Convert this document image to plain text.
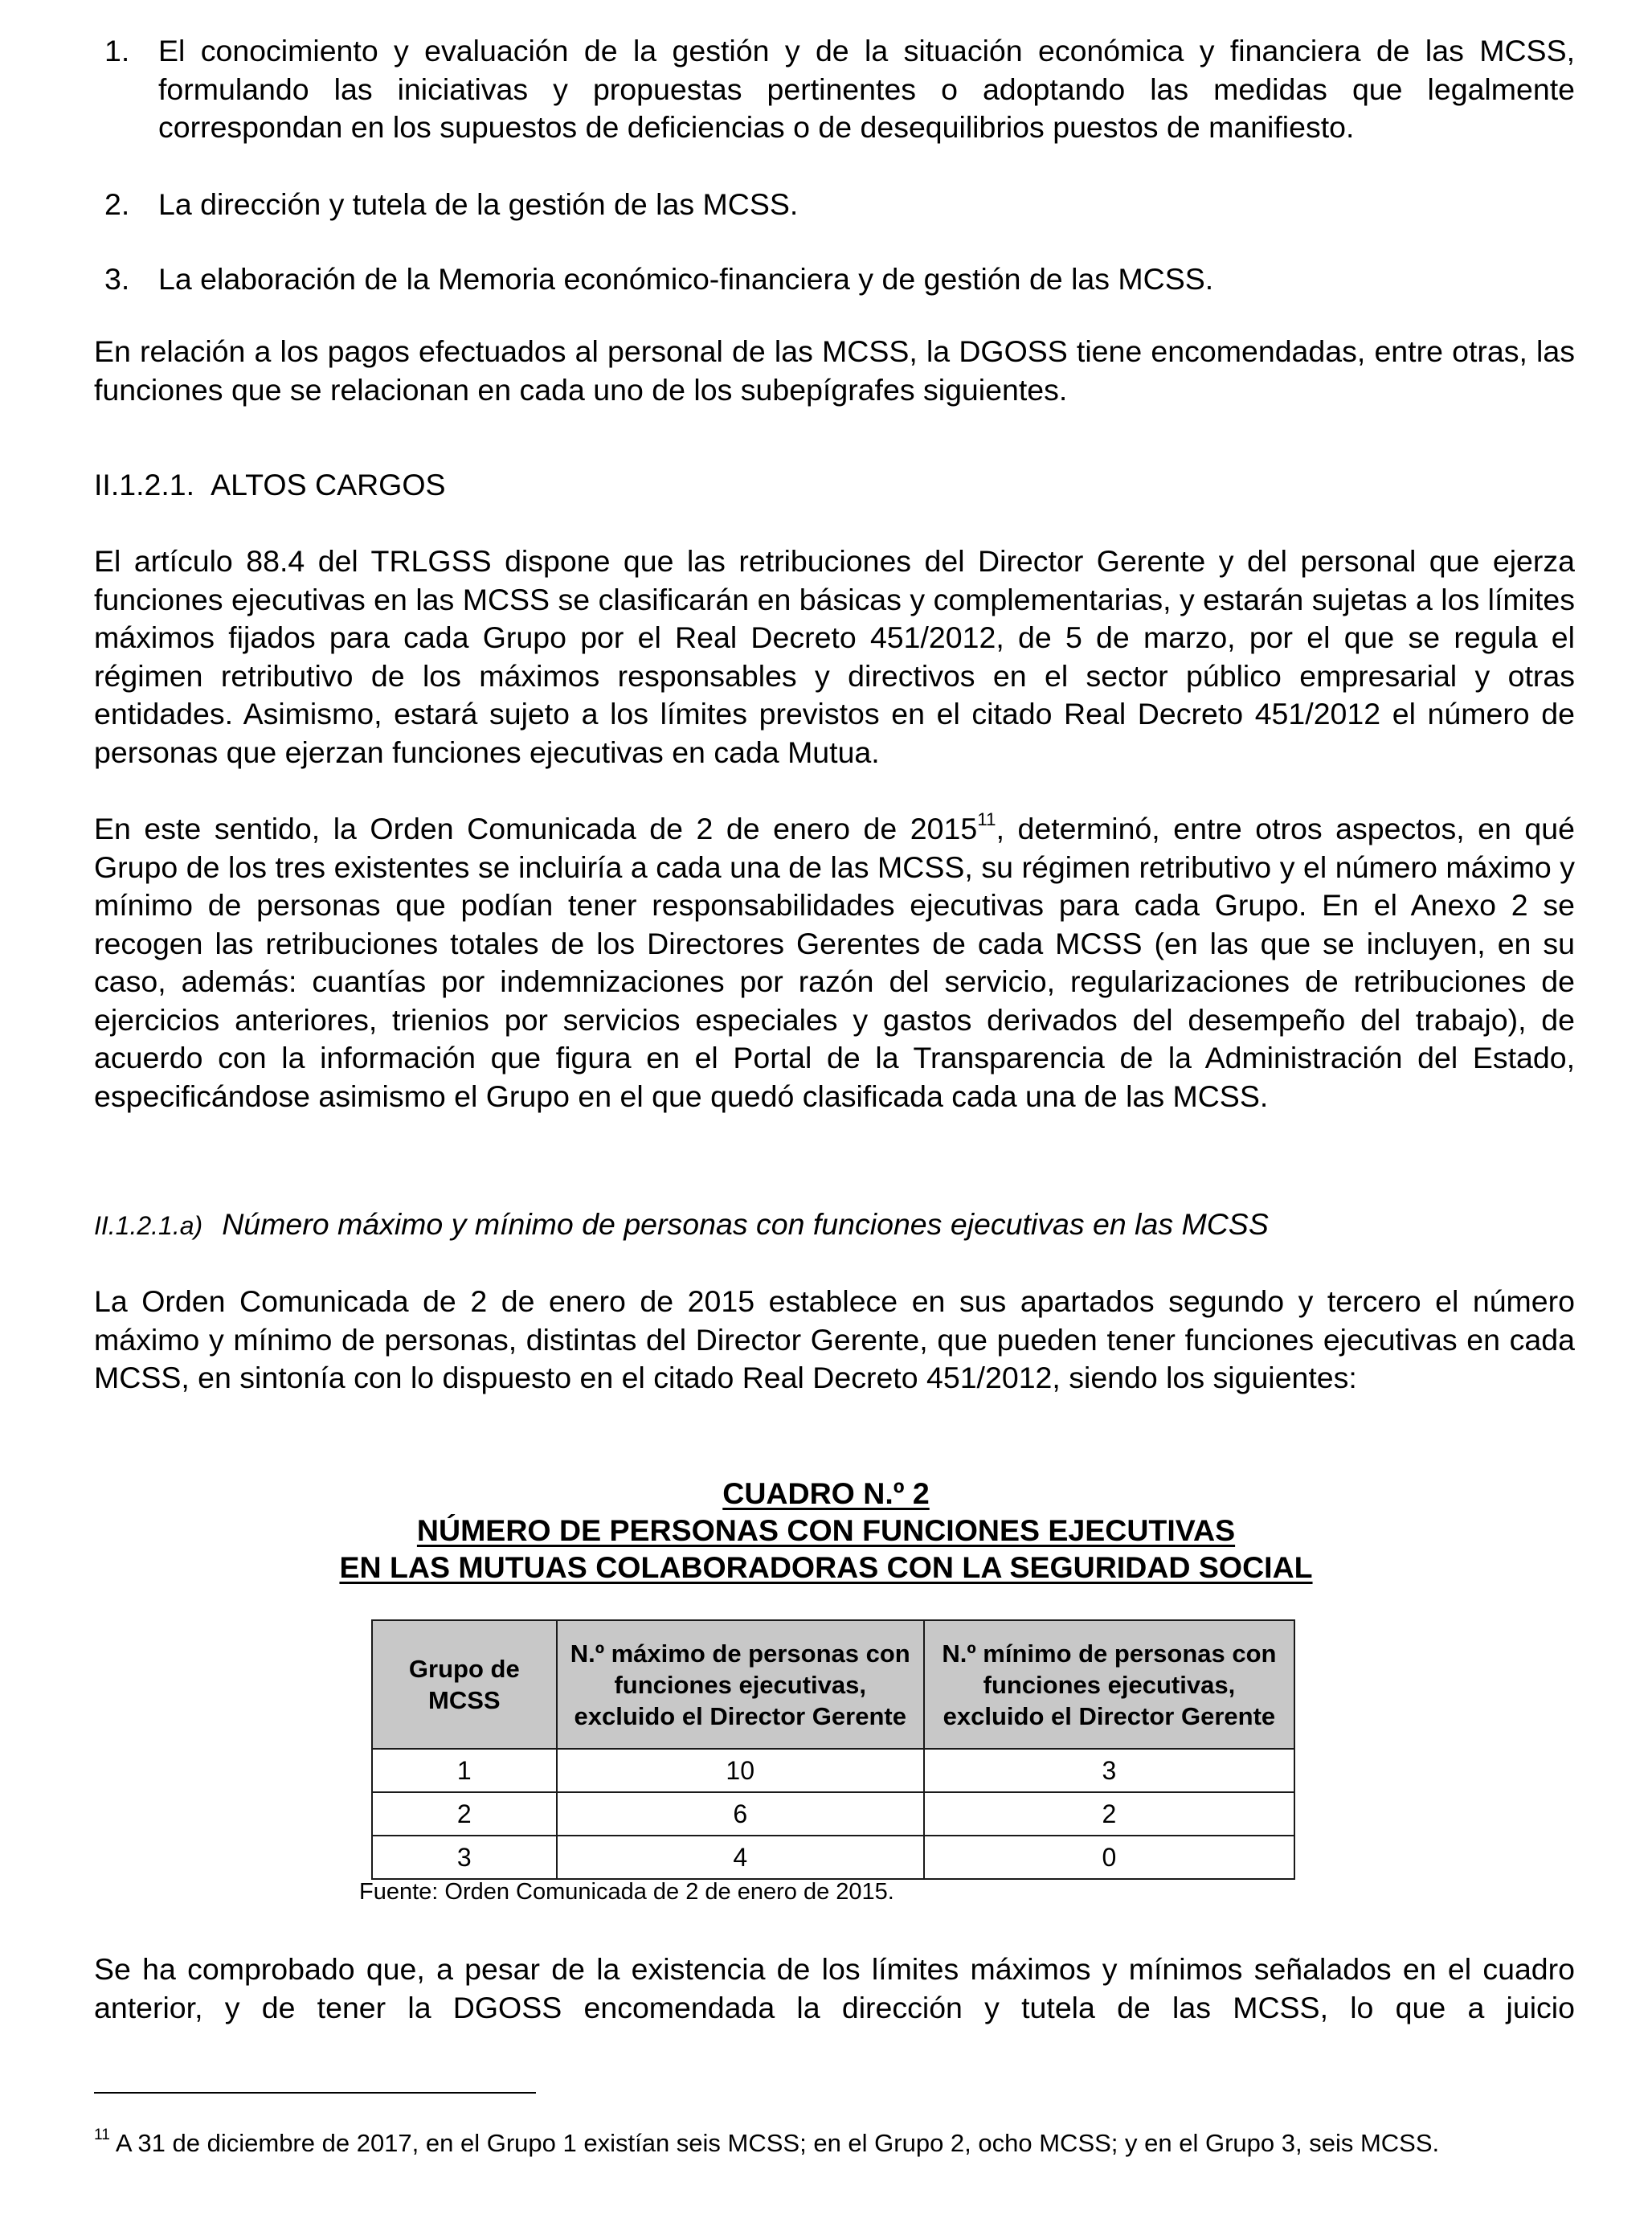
1. El conocimiento y evaluación de la gestión y de la situación económica y financiera de las MCSS, formulando las iniciativas y propuestas pertinentes o adoptando las medidas que legalmente correspondan en los supuestos de deficiencias o de desequilibrios puestos de manifiesto.
2. La dirección y tutela de la gestión de las MCSS.
3. La elaboración de la Memoria económico-financiera y de gestión de las MCSS.

En relación a los pagos efectuados al personal de las MCSS, la DGOSS tiene encomendadas, entre otras, las funciones que se relacionan en cada uno de los subepígrafes siguientes.

II.1.2.1. ALTOS CARGOS

El artículo 88.4 del TRLGSS dispone que las retribuciones del Director Gerente y del personal que ejerza funciones ejecutivas en las MCSS se clasificarán en básicas y complementarias, y estarán sujetas a los límites máximos fijados para cada Grupo por el Real Decreto 451/2012, de 5 de marzo, por el que se regula el régimen retributivo de los máximos responsables y directivos en el sector público empresarial y otras entidades. Asimismo, estará sujeto a los límites previstos en el citado Real Decreto 451/2012 el número de personas que ejerzan funciones ejecutivas en cada Mutua.

En este sentido, la Orden Comunicada de 2 de enero de 2015$^{11}$, determinó, entre otros aspectos, en qué Grupo de los tres existentes se incluiría a cada una de las MCSS, su régimen retributivo y el número máximo y mínimo de personas que podían tener responsabilidades ejecutivas para cada Grupo. En el Anexo 2 se recogen las retribuciones totales de los Directores Gerentes de cada MCSS (en las que se incluyen, en su caso, además: cuantías por indemnizaciones por razón del servicio, regularizaciones de retribuciones de ejercicios anteriores, trienios por servicios especiales y gastos derivados del desempeño del trabajo), de acuerdo con la información que figura en el Portal de la Transparencia de la Administración del Estado, especificándose asimismo el Grupo en el que quedó clasificada cada una de las MCSS.

II.1.2.1.a) Número máximo y mínimo de personas con funciones ejecutivas en las MCSS

La Orden Comunicada de 2 de enero de 2015 establece en sus apartados segundo y tercero el número máximo y mínimo de personas, distintas del Director Gerente, que pueden tener funciones ejecutivas en cada MCSS, en sintonía con lo dispuesto en el citado Real Decreto 451/2012, siendo los siguientes:

CUADRO N.º 2
NÚMERO DE PERSONAS CON FUNCIONES EJECUTIVAS
EN LAS MUTUAS COLABORADORAS CON LA SEGURIDAD SOCIAL
Grupo de MCSS	N.º máximo de personas con funciones ejecutivas, excluido el Director Gerente	N.º mínimo de personas con funciones ejecutivas, excluido el Director Gerente
1	10	3
2	6	2
3	4	0
Fuente: Orden Comunicada de 2 de enero de 2015.

Se ha comprobado que, a pesar de la existencia de los límites máximos y mínimos señalados en el cuadro anterior, y de tener la DGOSS encomendada la dirección y tutela de las MCSS, lo que a juicio

$^{11}$ A 31 de diciembre de 2017, en el Grupo 1 existían seis MCSS; en el Grupo 2, ocho MCSS; y en el Grupo 3, seis MCSS.
